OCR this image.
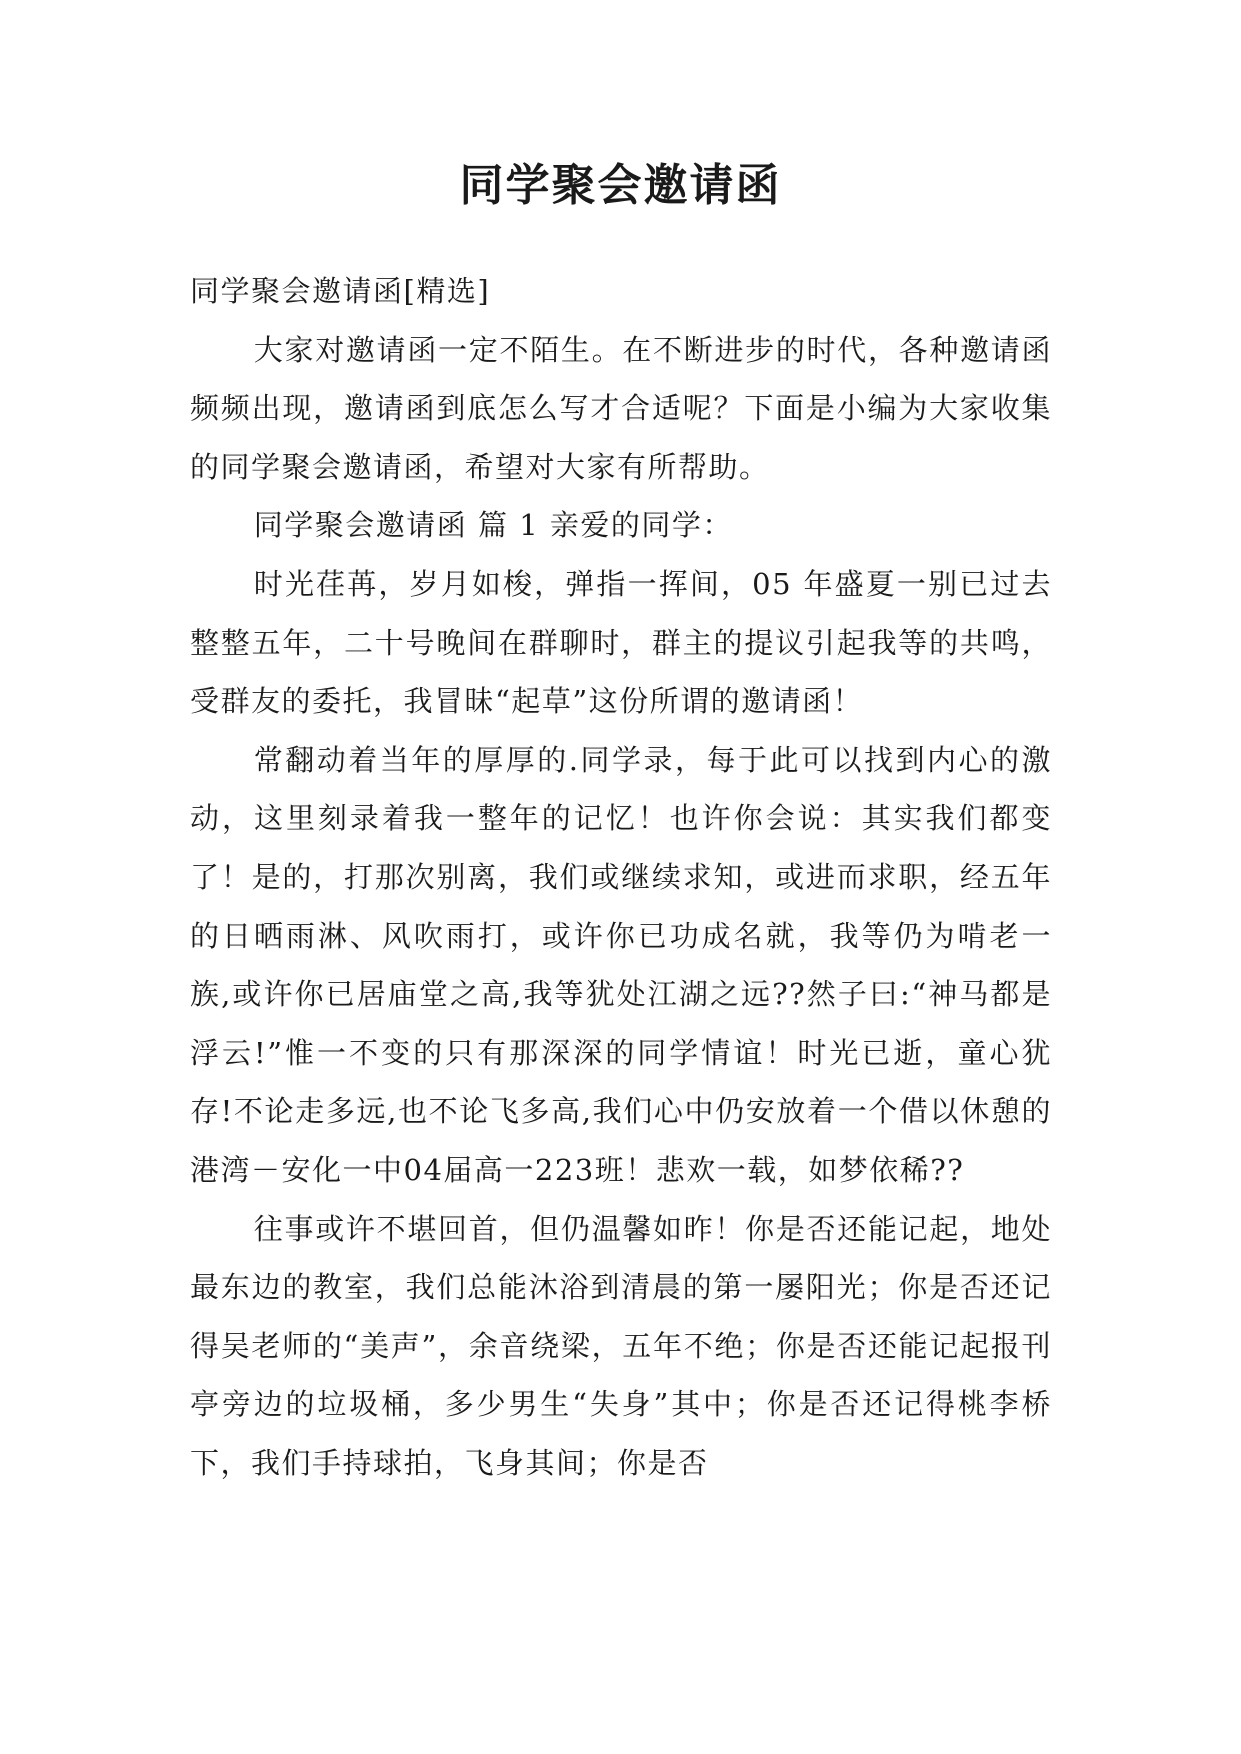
同学聚会邀请函

同学聚会邀请函[精选]

大家对邀请函一定不陌生。在不断进步的时代，各种邀请函频频出现，邀请函到底怎么写才合适呢？下面是小编为大家收集的同学聚会邀请函，希望对大家有所帮助。

同学聚会邀请函 篇 1 亲爱的同学：

时光荏苒，岁月如梭，弹指一挥间，05 年盛夏一别已过去整整五年，二十号晚间在群聊时，群主的提议引起我等的共鸣，受群友的委托，我冒昧“起草”这份所谓的邀请函！

常翻动着当年的厚厚的.同学录，每于此可以找到内心的激动，这里刻录着我一整年的记忆！也许你会说：其实我们都变了！是的，打那次别离，我们或继续求知，或进而求职，经五年的日晒雨淋、风吹雨打，或许你已功成名就，我等仍为啃老一族,或许你已居庙堂之高,我等犹处江湖之远??然子曰:“神马都是浮云!”惟一不变的只有那深深的同学情谊！时光已逝，童心犹存!不论走多远,也不论飞多高,我们心中仍安放着一个借以休憩的港湾－安化一中04届高一223班！悲欢一载，如梦依稀??

往事或许不堪回首，但仍温馨如昨！你是否还能记起，地处最东边的教室，我们总能沐浴到清晨的第一屡阳光；你是否还记得吴老师的“美声”，余音绕梁，五年不绝；你是否还能记起报刊亭旁边的垃圾桶，多少男生“失身”其中；你是否还记得桃李桥下，我们手持球拍，飞身其间；你是否
